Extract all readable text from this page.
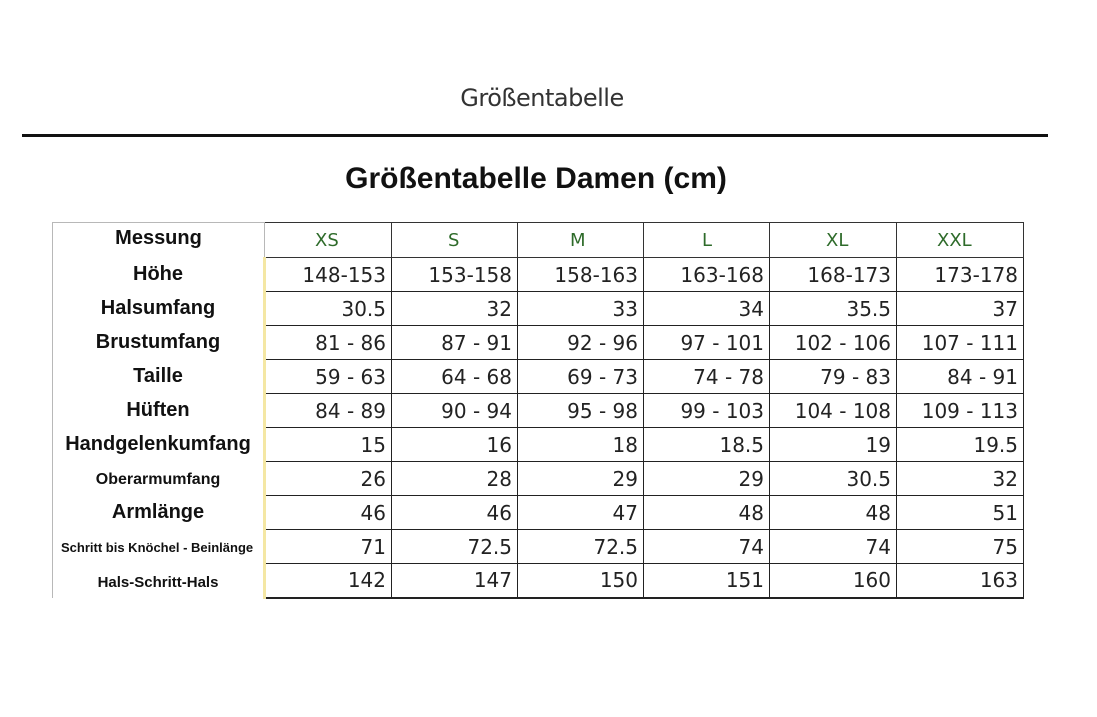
Größentabelle
Größentabelle Damen (cm)
Messung	XS	S	M	L	XL	XXL
Höhe	148-153	153-158	158-163	163-168	168-173	173-178
Halsumfang	30.5	32	33	34	35.5	37
Brustumfang	81 - 86	87 - 91	92 - 96	97 - 101	102 - 106	107 - 111
Taille	59 - 63	64 - 68	69 - 73	74 - 78	79 - 83	84 - 91
Hüften	84 - 89	90 - 94	95 - 98	99 - 103	104 - 108	109 - 113
Handgelenkumfang	15	16	18	18.5	19	19.5
Oberarmumfang	26	28	29	29	30.5	32
Armlänge	46	46	47	48	48	51
Schritt bis Knöchel - Beinlänge	71	72.5	72.5	74	74	75
Hals-Schritt-Hals	142	147	150	151	160	163
